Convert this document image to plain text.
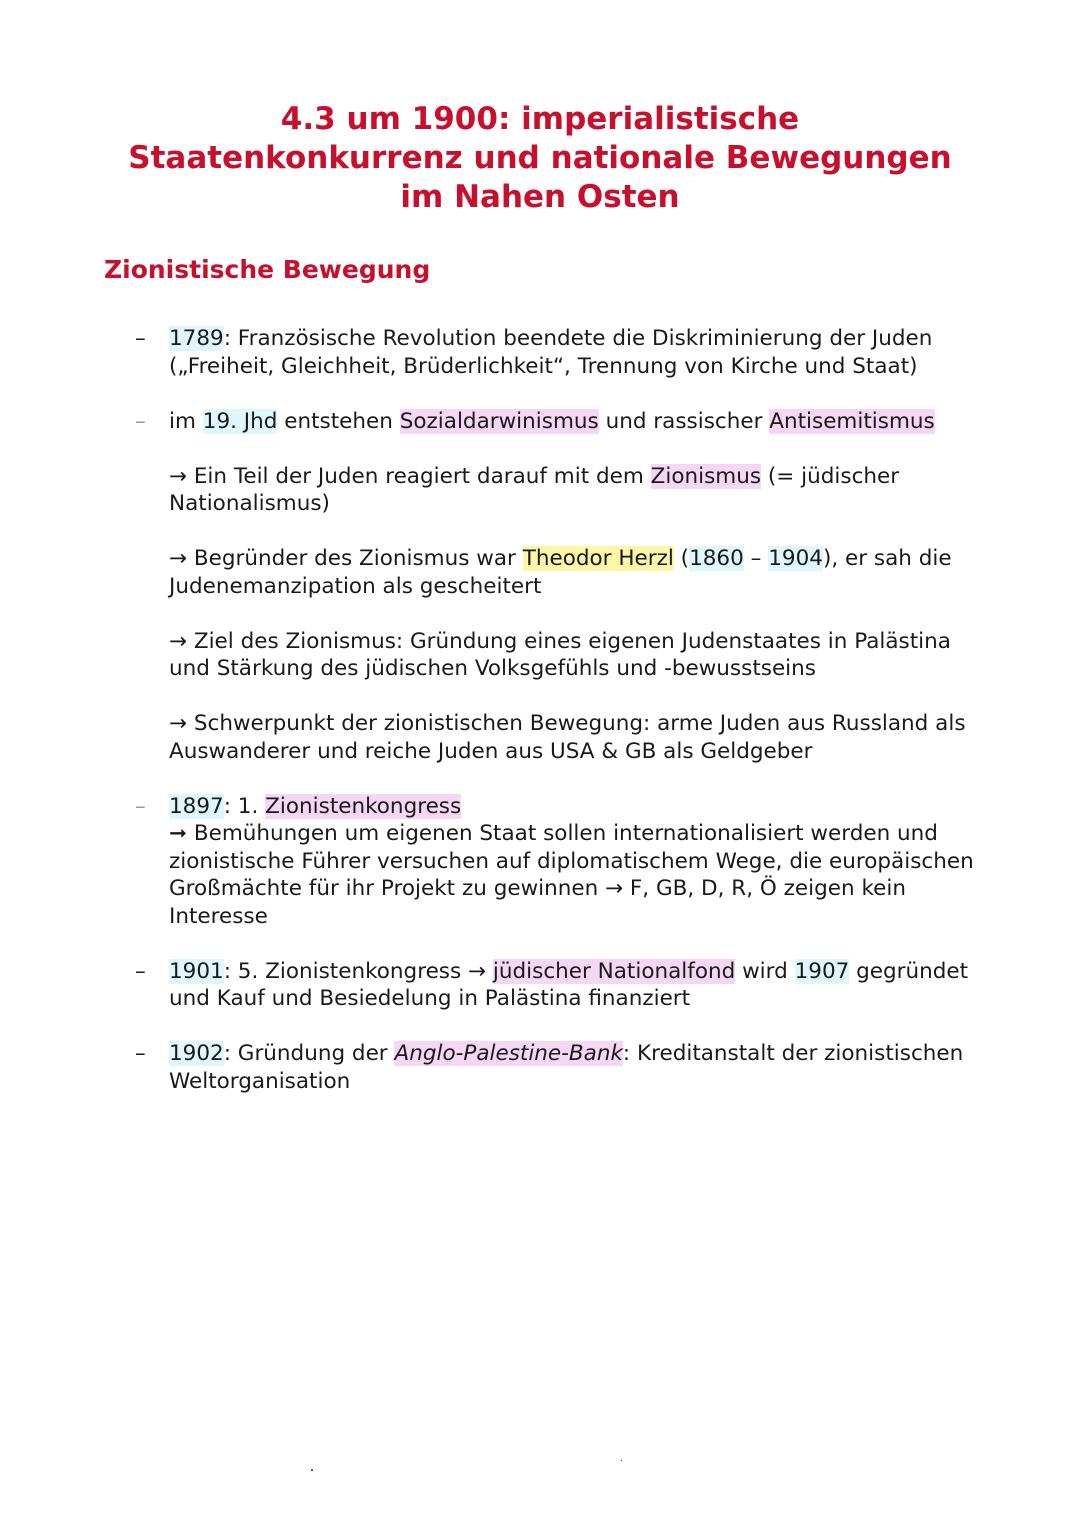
4.3 um 1900: imperialistische
Staatenkonkurrenz und nationale Bewegungen
im Nahen Osten
Zionistische Bewegung
– 1789: Französische Revolution beendete die Diskriminierung der Juden („Freiheit, Gleichheit, Brüderlichkeit“, Trennung von Kirche und Staat)

– im 19. Jhd entstehen Sozialdarwinismus und rassischer Antisemitismus

→ Ein Teil der Juden reagiert darauf mit dem Zionismus (= jüdischer Nationalismus)

→ Begründer des Zionismus war Theodor Herzl (1860 – 1904), er sah dieJudenemanzipation als gescheitert

→ Ziel des Zionismus: Gründung eines eigenen Judenstaates in Palästina und Stärkung des jüdischen Volksgefühls und -bewusstseins

→ Schwerpunkt der zionistischen Bewegung: arme Juden aus Russland als Auswanderer und reiche Juden aus USA & GB als Geldgeber

– 1897: 1. Zionistenkongress

➞ Bemühungen um eigenen Staat sollen internationalisiert werden und zionistische Führer versuchen auf diplomatischem Wege, die europäischen Großmächte für ihr Projekt zu gewinnen → F, GB, D, R, Ö zeigen kein Interesse

– 1901: 5. Zionistenkongress → jüdischer Nationalfond wird 1907 gegründet und Kauf und Besiedelung in Palästina finanziert

– 1902: Gründung der Anglo-Palestine-Bank: Kreditanstalt der zionistischen Weltorganisation
